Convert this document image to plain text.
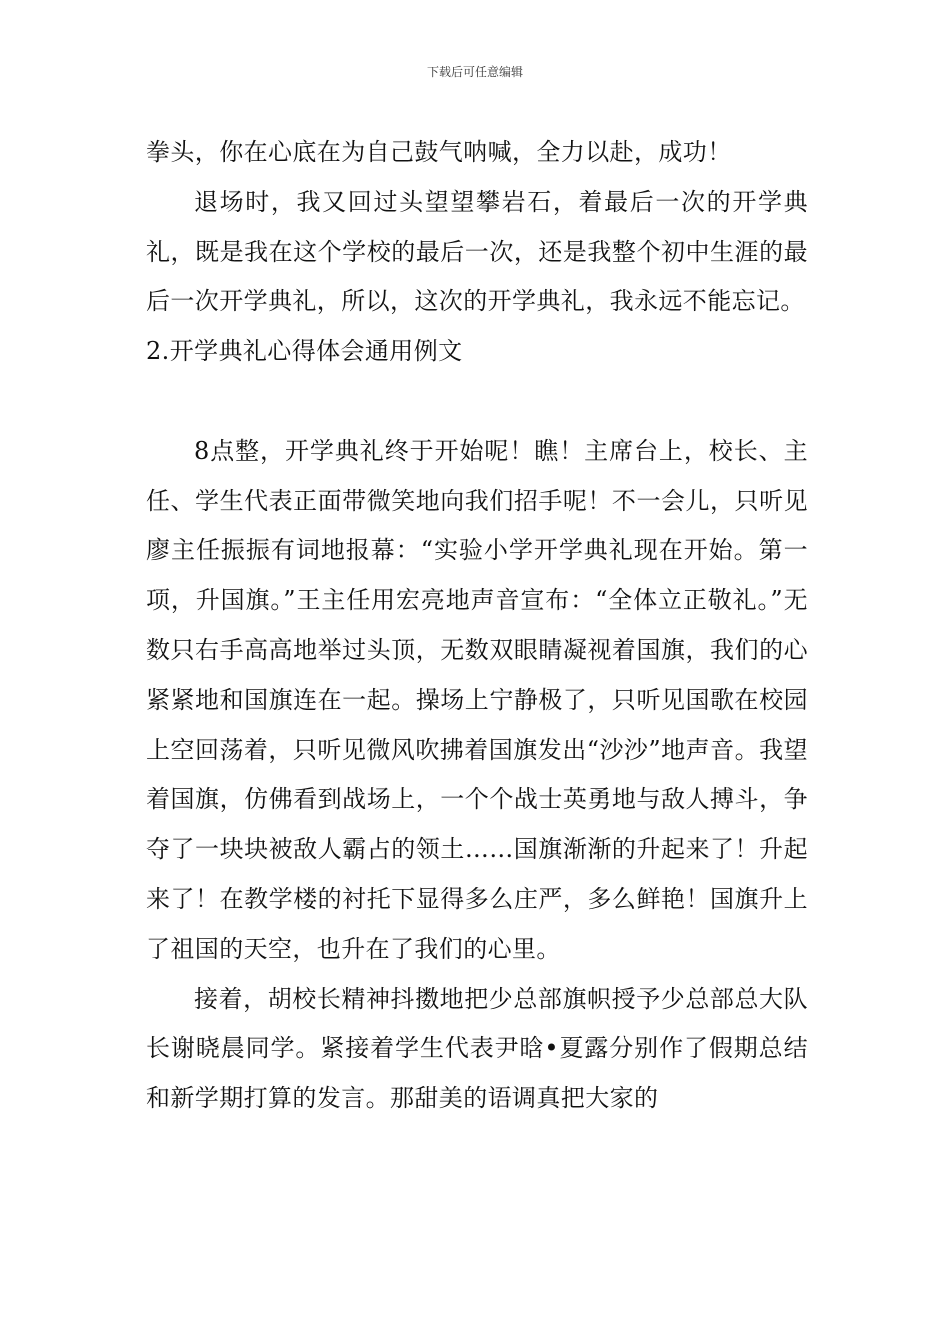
下载后可任意编辑

拳头，你在心底在为自己鼓气呐喊，全力以赴，成功！

退场时，我又回过头望望攀岩石，着最后一次的开学典礼，既是我在这个学校的最后一次，还是我整个初中生涯的最后一次开学典礼，所以，这次的开学典礼，我永远不能忘记。

2.开学典礼心得体会通用例文

8点整，开学典礼终于开始呢！瞧！主席台上，校长、主任、学生代表正面带微笑地向我们招手呢！不一会儿，只听见廖主任振振有词地报幕：“实验小学开学典礼现在开始。第一项，升国旗。”王主任用宏亮地声音宣布：“全体立正敬礼。”无数只右手高高地举过头顶，无数双眼睛凝视着国旗，我们的心紧紧地和国旗连在一起。操场上宁静极了，只听见国歌在校园上空回荡着，只听见微风吹拂着国旗发出“沙沙”地声音。我望着国旗，仿佛看到战场上，一个个战士英勇地与敌人搏斗，争夺了一块块被敌人霸占的领土……国旗渐渐的升起来了！升起来了！在教学楼的衬托下显得多么庄严，多么鲜艳！国旗升上了祖国的天空，也升在了我们的心里。

接着，胡校长精神抖擞地把少总部旗帜授予少总部总大队长谢晓晨同学。紧接着学生代表尹晗•夏露分别作了假期总结和新学期打算的发言。那甜美的语调真把大家的
